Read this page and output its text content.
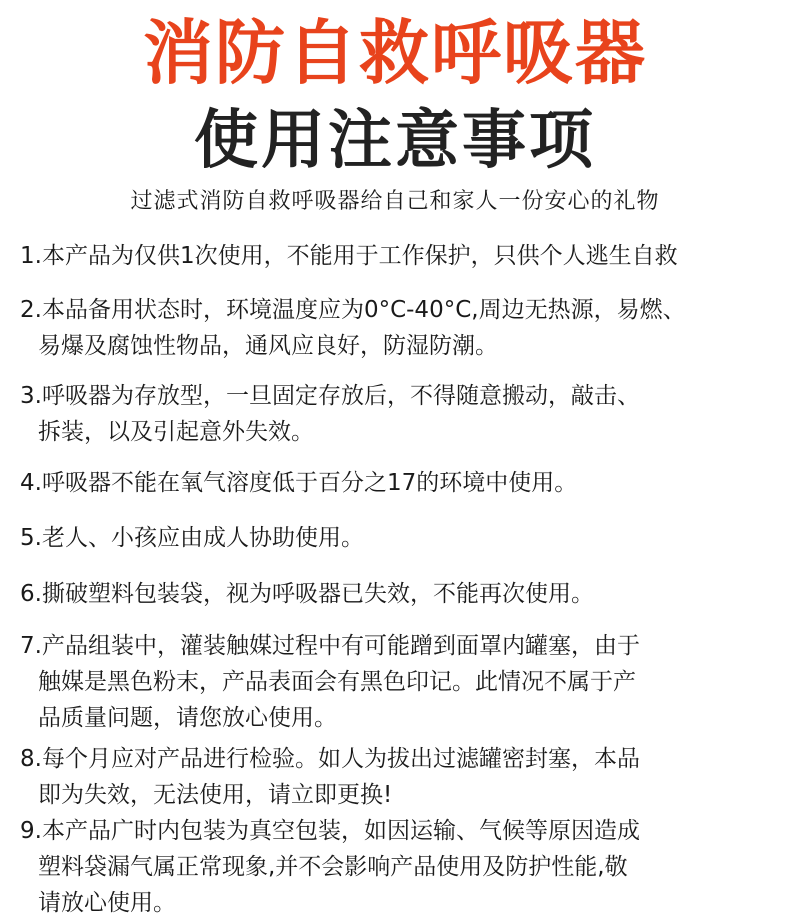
消防自救呼吸器
使用注意事项
过滤式消防自救呼吸器给自己和家人一份安心的礼物
1.本产品为仅供1次使用，不能用于工作保护，只供个人逃生自救
2.本品备用状态时，环境温度应为0°C-40°C,周边无热源，易燃、
易爆及腐蚀性物品，通风应良好，防湿防潮。
3.呼吸器为存放型，一旦固定存放后，不得随意搬动，敲击、
拆装，以及引起意外失效。
4.呼吸器不能在氧气溶度低于百分之17的环境中使用。
5.老人、小孩应由成人协助使用。
6.撕破塑料包装袋，视为呼吸器已失效，不能再次使用。
7.产品组装中，灌装触媒过程中有可能蹭到面罩内罐塞，由于
触媒是黑色粉末，产品表面会有黑色印记。此情况不属于产
品质量问题，请您放心使用。
8.每个月应对产品进行检验。如人为拔出过滤罐密封塞，本品
即为失效，无法使用，请立即更换!
9.本产品广时内包装为真空包装，如因运输、气候等原因造成
塑料袋漏气属正常现象,并不会影响产品使用及防护性能,敬
请放心使用。
